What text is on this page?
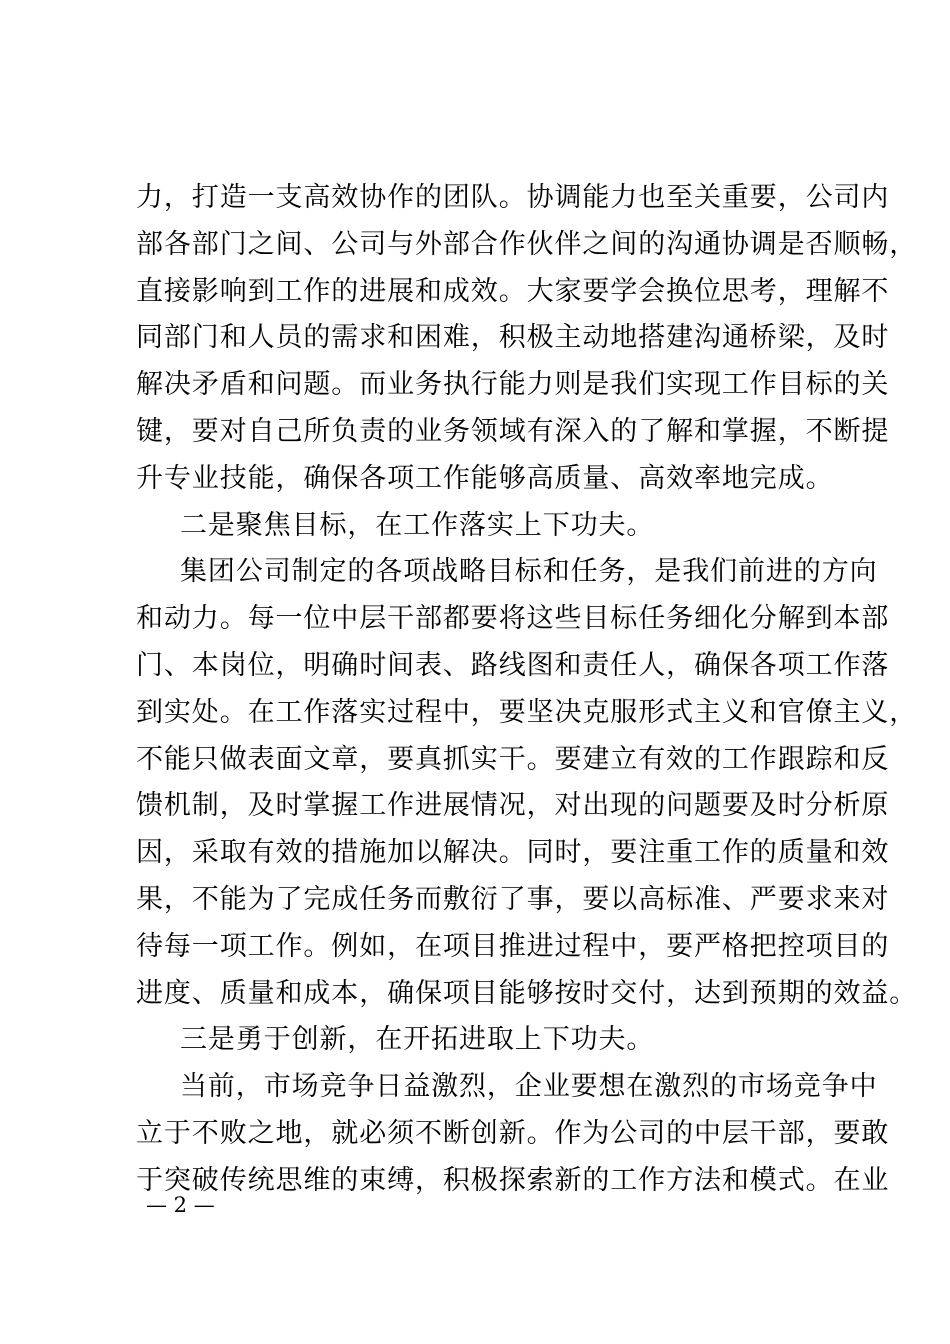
力，打造一支高效协作的团队。协调能力也至关重要，公司内
部各部门之间、公司与外部合作伙伴之间的沟通协调是否顺畅，
直接影响到工作的进展和成效。大家要学会换位思考，理解不
同部门和人员的需求和困难，积极主动地搭建沟通桥梁，及时
解决矛盾和问题。而业务执行能力则是我们实现工作目标的关
键，要对自己所负责的业务领域有深入的了解和掌握，不断提
升专业技能，确保各项工作能够高质量、高效率地完成。
二是聚焦目标，在工作落实上下功夫。
集团公司制定的各项战略目标和任务，是我们前进的方向
和动力。每一位中层干部都要将这些目标任务细化分解到本部
门、本岗位，明确时间表、路线图和责任人，确保各项工作落
到实处。在工作落实过程中，要坚决克服形式主义和官僚主义，
不能只做表面文章，要真抓实干。要建立有效的工作跟踪和反
馈机制，及时掌握工作进展情况，对出现的问题要及时分析原
因，采取有效的措施加以解决。同时，要注重工作的质量和效
果，不能为了完成任务而敷衍了事，要以高标准、严要求来对
待每一项工作。例如，在项目推进过程中，要严格把控项目的
进度、质量和成本，确保项目能够按时交付，达到预期的效益。
三是勇于创新，在开拓进取上下功夫。
当前，市场竞争日益激烈，企业要想在激烈的市场竞争中
立于不败之地，就必须不断创新。作为公司的中层干部，要敢
于突破传统思维的束缚，积极探索新的工作方法和模式。在业
— 2 —
